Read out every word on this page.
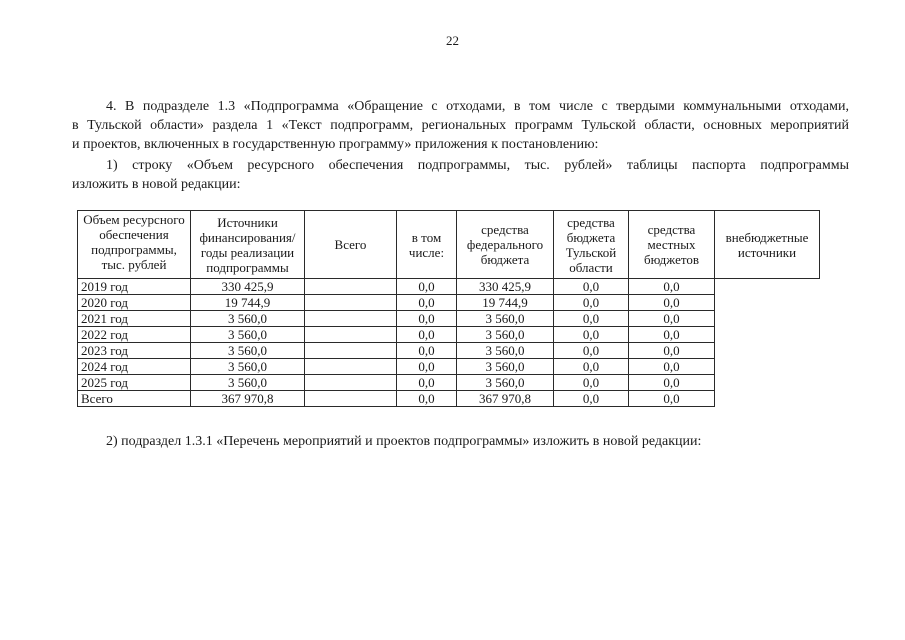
22
4. В подразделе 1.3 «Подпрограмма «Обращение с отходами, в том числе с твердыми коммунальными отходами,
в Тульской области» раздела 1 «Текст подпрограмм, региональных программ Тульской области, основных мероприятий
и проектов, включенных в государственную программу» приложения к постановлению:
1) строку «Объем ресурсного обеспечения подпрограммы, тыс. рублей» таблицы паспорта подпрограммы
изложить в новой редакции:
Объем ресурсного обеспечения подпрограммы, тыс. рублей	Источники финансирования/ годы реализации подпрограммы	Всего	в том числе:	средства федерального бюджета	средства бюджета Тульской области	средства местных бюджетов	внебюджетные источники
2019 год	330 425,9		0,0	330 425,9	0,0	0,0	
2020 год	19 744,9		0,0	19 744,9	0,0	0,0	
2021 год	3 560,0		0,0	3 560,0	0,0	0,0	
2022 год	3 560,0		0,0	3 560,0	0,0	0,0	
2023 год	3 560,0		0,0	3 560,0	0,0	0,0	
2024 год	3 560,0		0,0	3 560,0	0,0	0,0	
2025 год	3 560,0		0,0	3 560,0	0,0	0,0	
Всего	367 970,8		0,0	367 970,8	0,0	0,0	
2) подраздел 1.3.1 «Перечень мероприятий и проектов подпрограммы» изложить в новой редакции:
